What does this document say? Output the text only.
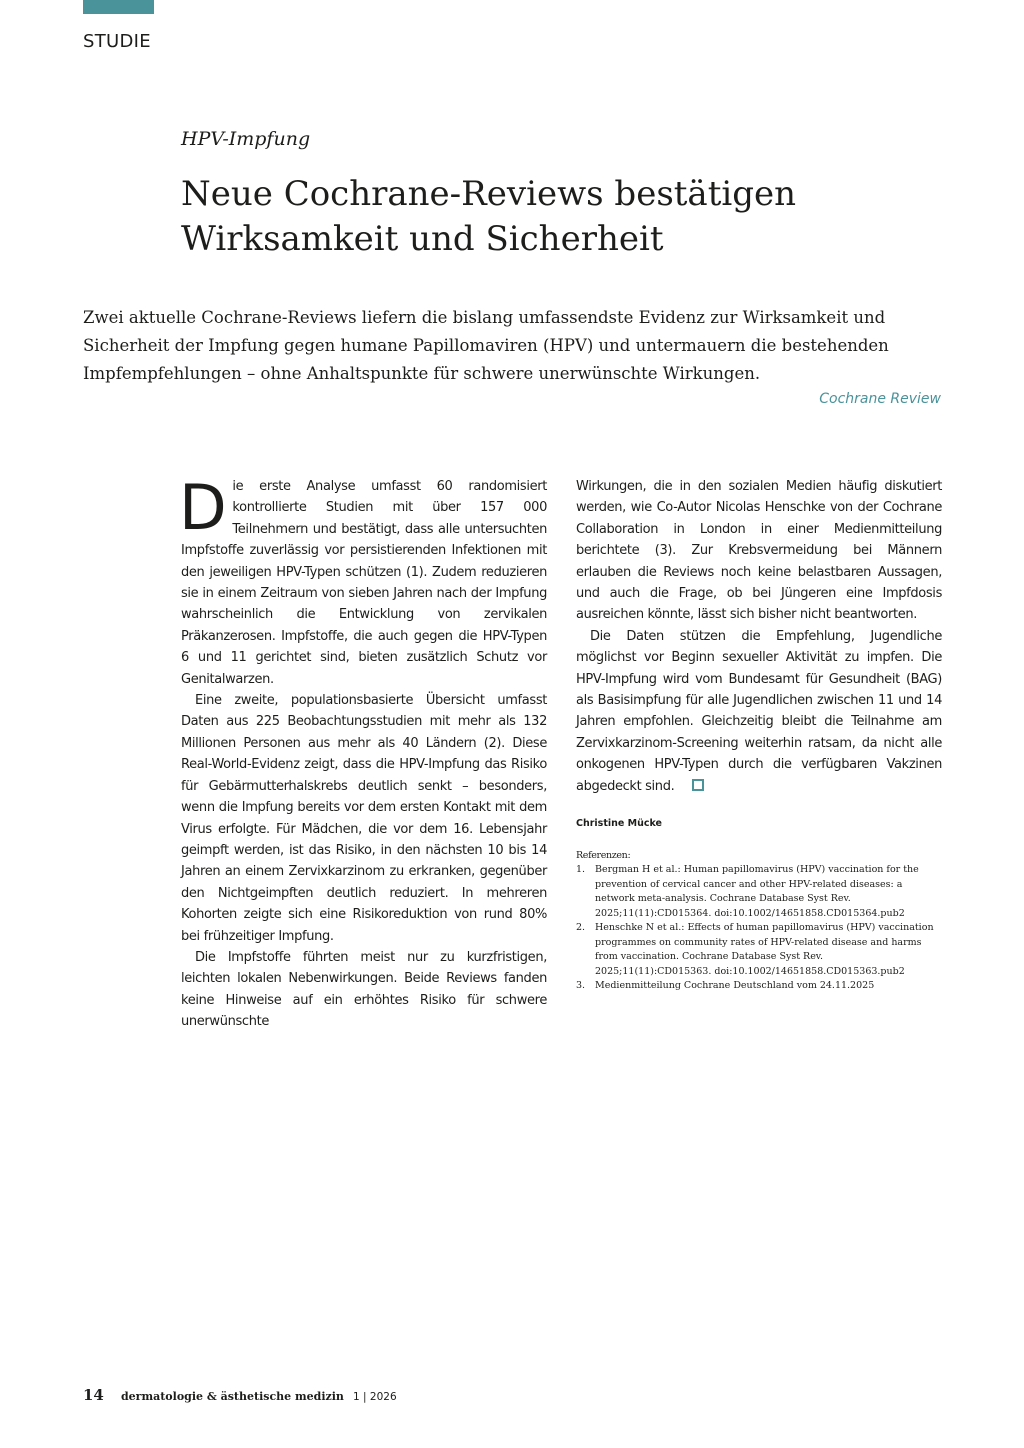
STUDIE
HPV-Impfung
Neue Cochrane-Reviews bestätigen Wirksamkeit und Sicherheit

Zwei aktuelle Cochrane-Reviews liefern die bislang umfassendste Evidenz zur Wirksamkeit und Sicherheit der Impfung gegen humane Papillomaviren (HPV) und untermauern die bestehenden Impfempfehlungen – ohne Anhaltspunkte für schwere unerwünschte Wirkungen.

Cochrane Review

Die erste Analyse umfasst 60 randomisiert kontrollierte Studien mit über 157 000 Teilnehmern und bestätigt, dass alle untersuchten Impfstoffe zuverlässig vor persistierenden Infektionen mit den jeweiligen HPV-Typen schützen (1). Zudem reduzieren sie in einem Zeitraum von sieben Jahren nach der Impfung wahrscheinlich die Entwicklung von zervikalen Präkanzerosen. Impfstoffe, die auch gegen die HPV-Typen 6 und 11 gerichtet sind, bieten zusätzlich Schutz vor Genitalwarzen.

Eine zweite, populationsbasierte Übersicht umfasst Daten aus 225 Beobachtungsstudien mit mehr als 132 Millionen Personen aus mehr als 40 Ländern (2). Diese Real-World-Evidenz zeigt, dass die HPV-Impfung das Risiko für Gebärmutterhalskrebs deutlich senkt – besonders, wenn die Impfung bereits vor dem ersten Kontakt mit dem Virus erfolgte. Für Mädchen, die vor dem 16. Lebensjahr geimpft werden, ist das Risiko, in den nächsten 10 bis 14 Jahren an einem Zervixkarzinom zu erkranken, gegenüber den Nichtgeimpften deutlich reduziert. In mehreren Kohorten zeigte sich eine Risikoreduktion von rund 80% bei frühzeitiger Impfung.

Die Impfstoffe führten meist nur zu kurzfristigen, leichten lokalen Nebenwirkungen. Beide Reviews fanden keine Hinweise auf ein erhöhtes Risiko für schwere unerwünschte

Wirkungen, die in den sozialen Medien häufig diskutiert werden, wie Co-Autor Nicolas Henschke von der Cochrane Collaboration in London in einer Medienmitteilung berichtete (3). Zur Krebsvermeidung bei Männern erlauben die Reviews noch keine belastbaren Aussagen, und auch die Frage, ob bei Jüngeren eine Impfdosis ausreichen könnte, lässt sich bisher nicht beantworten.

Die Daten stützen die Empfehlung, Jugendliche möglichst vor Beginn sexueller Aktivität zu impfen. Die HPV-Impfung wird vom Bundesamt für Gesundheit (BAG) als Basisimpfung für alle Jugendlichen zwischen 11 und 14 Jahren empfohlen. Gleichzeitig bleibt die Teilnahme am Zervixkarzinom-Screening weiterhin ratsam, da nicht alle onkogenen HPV-Typen durch die verfügbaren Vakzinen abgedeckt sind.

Christine Mücke

Referenzen:

1. Bergman H et al.: Human papillomavirus (HPV) vaccination for the prevention of cervical cancer and other HPV-related diseases: a network meta-analysis. Cochrane Database Syst Rev. 2025;11(11):CD015364. doi:10.1002/14651858.CD015364.pub2
2. Henschke N et al.: Effects of human papillomavirus (HPV) vaccination programmes on community rates of HPV-related disease and harms from vaccination. Cochrane Database Syst Rev. 2025;11(11):CD015363. doi:10.1002/14651858.CD015363.pub2
3. Medienmitteilung Cochrane Deutschland vom 24.11.2025
14 dermatologie & ästhetische medizin 1 | 2026
